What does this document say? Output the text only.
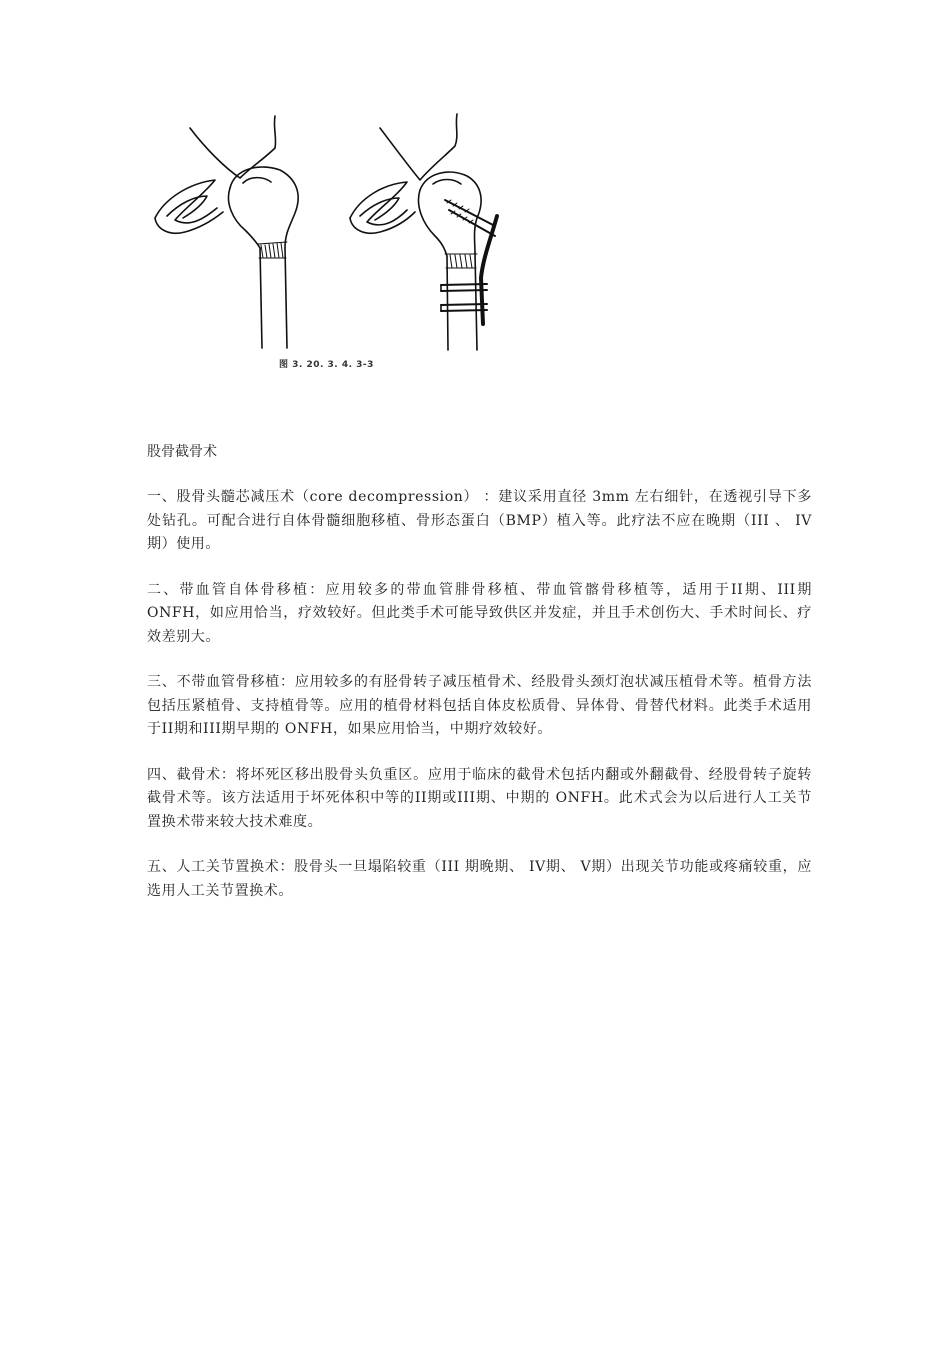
图 3. 20. 3. 4. 3-3

股骨截骨术

一、股骨头髓芯减压术（core decompression） ：建议采用直径 3mm 左右细针，在透视引导下多处钻孔。可配合进行自体骨髓细胞移植、骨形态蛋白（BMP）植入等。此疗法不应在晚期（III 、 IV期）使用。

二、带血管自体骨移植：应用较多的带血管腓骨移植、带血管髂骨移植等，适用于II期、III期 ONFH，如应用恰当，疗效较好。但此类手术可能导致供区并发症，并且手术创伤大、手术时间长、疗效差别大。

三、不带血管骨移植：应用较多的有胫骨转子减压植骨术、经股骨头颈灯泡状减压植骨术等。植骨方法包括压紧植骨、支持植骨等。应用的植骨材料包括自体皮松质骨、异体骨、骨替代材料。此类手术适用于II期和III期早期的 ONFH，如果应用恰当，中期疗效较好。

四、截骨术：将坏死区移出股骨头负重区。应用于临床的截骨术包括内翻或外翻截骨、经股骨转子旋转截骨术等。该方法适用于坏死体积中等的II期或III期、中期的 ONFH。此术式会为以后进行人工关节置换术带来较大技术难度。

五、人工关节置换术：股骨头一旦塌陷较重（III 期晚期、 IV期、 V期）出现关节功能或疼痛较重，应选用人工关节置换术。
